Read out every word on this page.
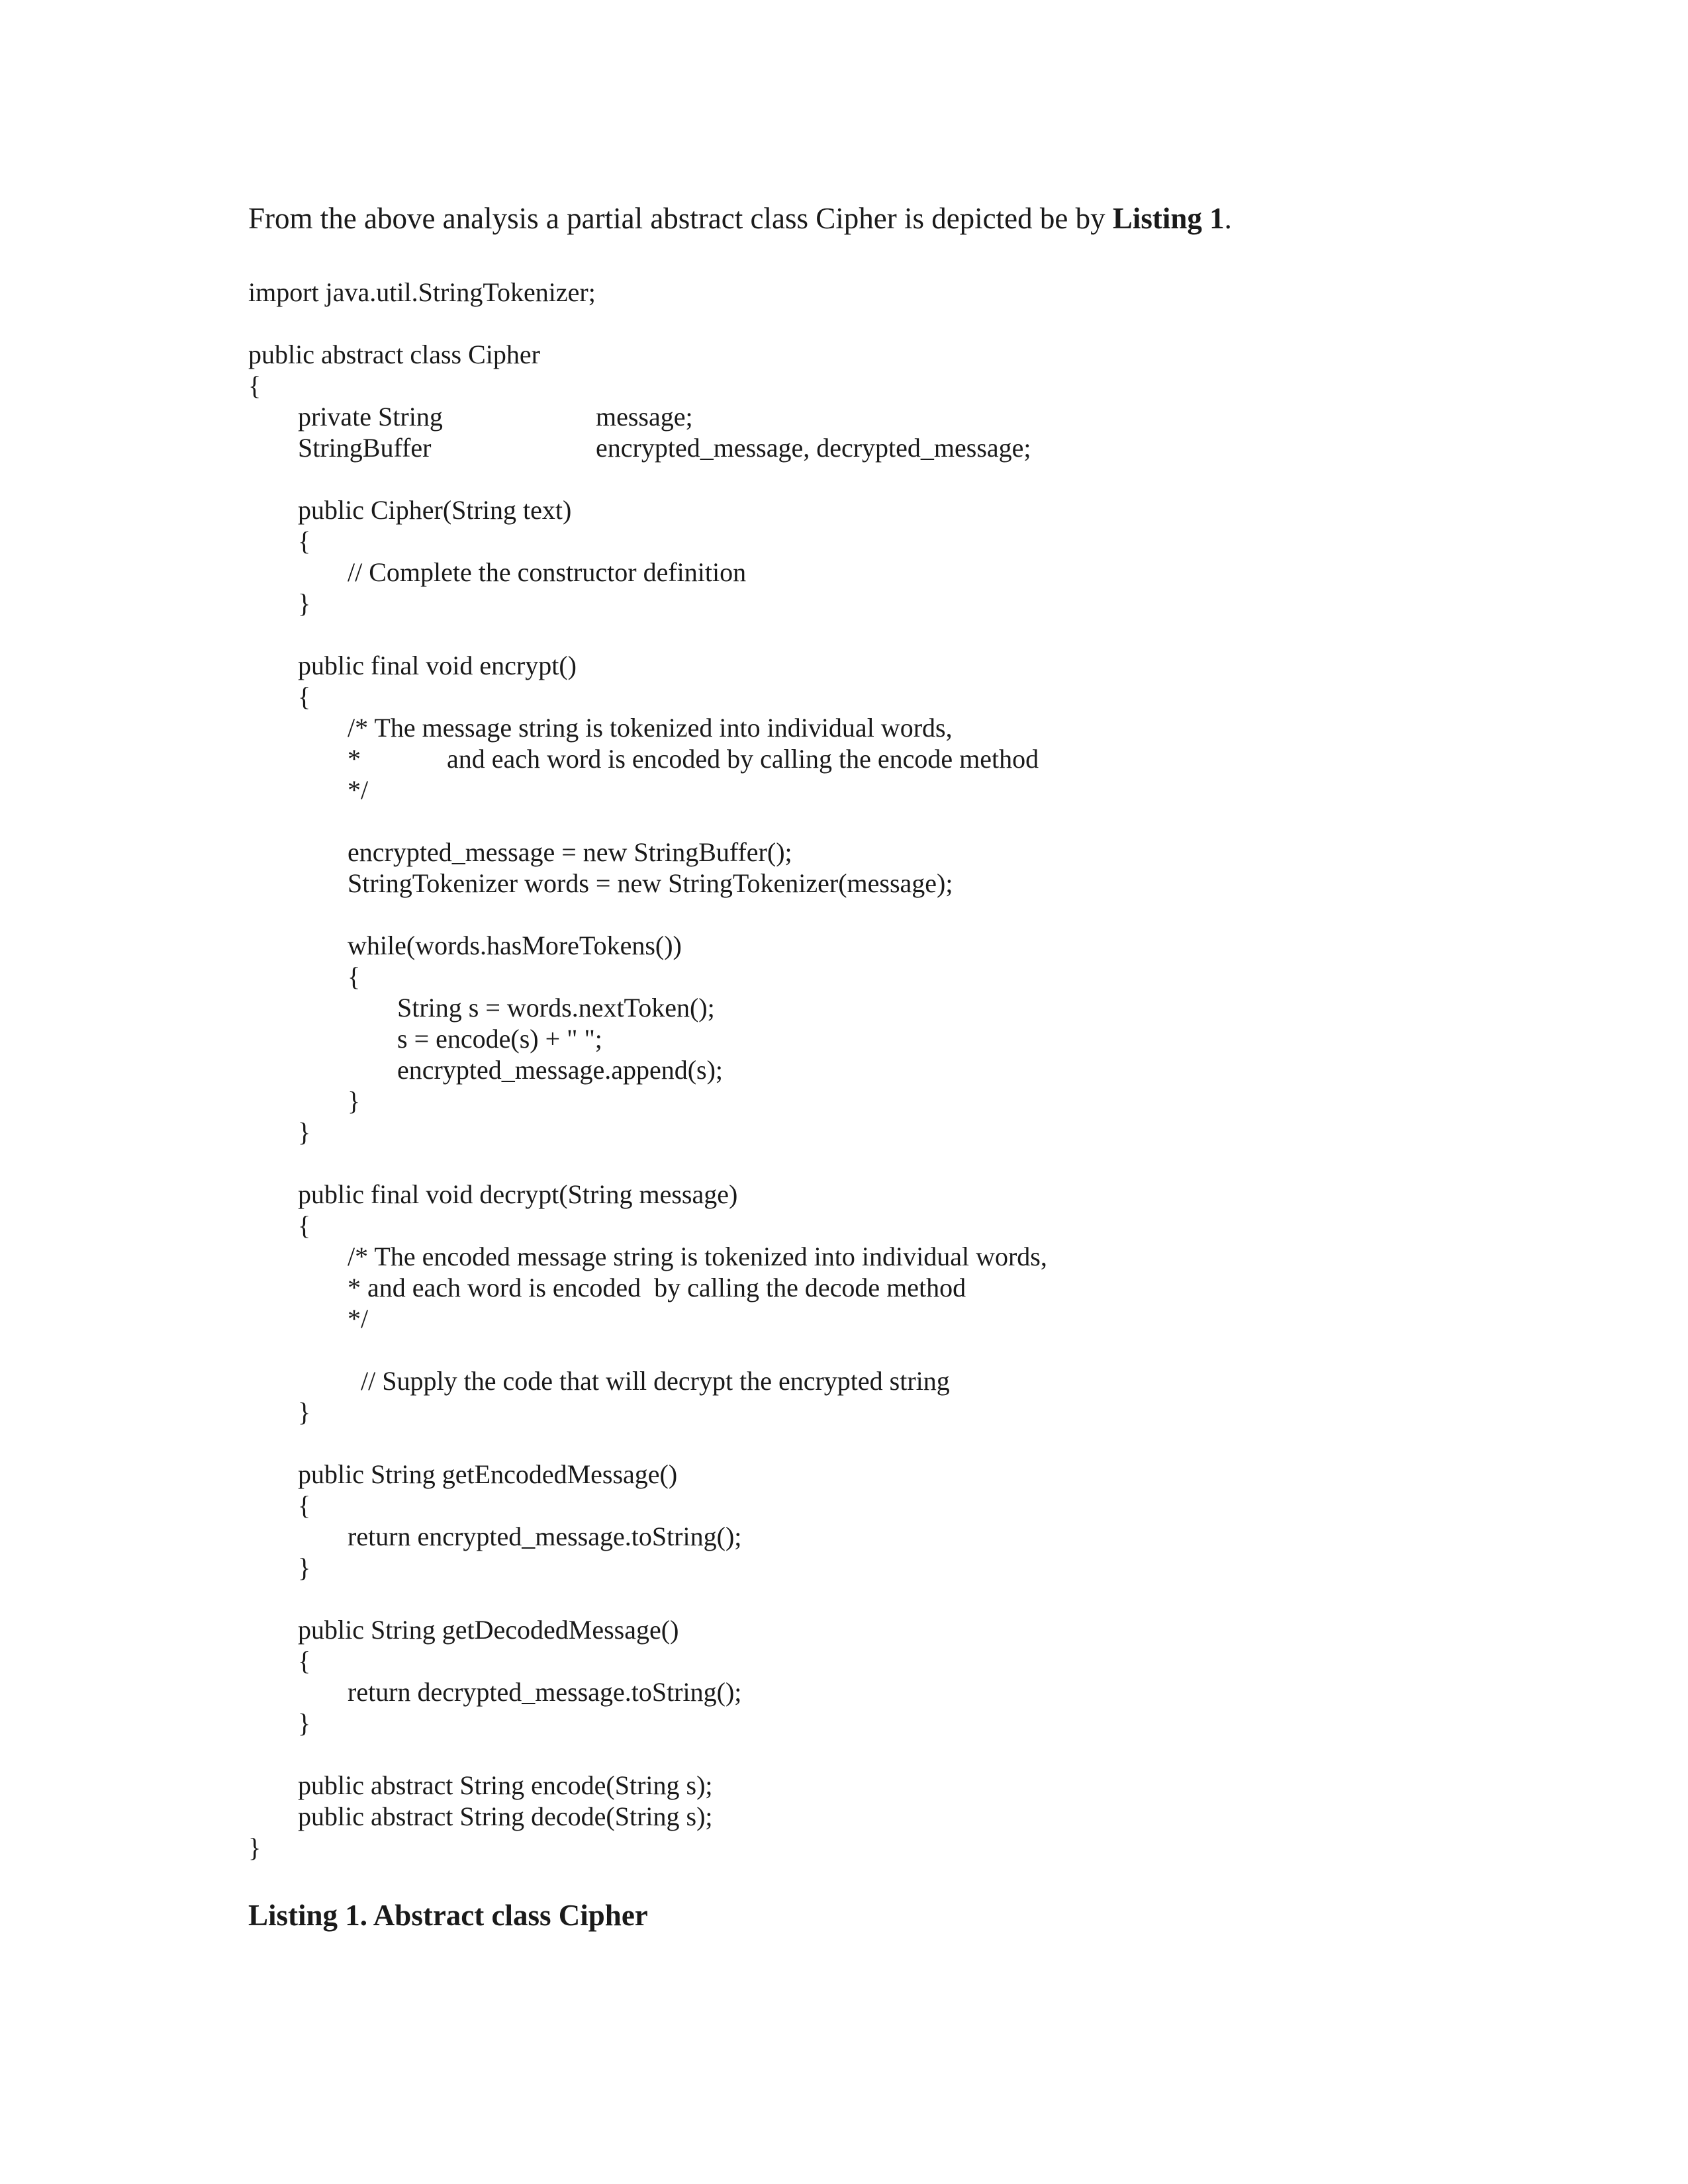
From the above analysis a partial abstract class Cipher is depicted be by Listing 1.
import java.util.StringTokenizer;
public abstract class Cipher
{
private String	message;
StringBuffer	encrypted_message, decrypted_message;
public Cipher(String text)
{
// Complete the constructor definition
}
public final void encrypt()
{
/* The message string is tokenized into individual words,
*	and each word is encoded by calling the encode method
*/
encrypted_message = new StringBuffer();
StringTokenizer words = new StringTokenizer(message);
while(words.hasMoreTokens())
{
String s = words.nextToken();
s = encode(s) + " ";
encrypted_message.append(s);
}
}
public final void decrypt(String message)
{
/* The encoded message string is tokenized into individual words,
* and each word is encoded  by calling the decode method
*/
// Supply the code that will decrypt the encrypted string
}
public String getEncodedMessage()
{
return encrypted_message.toString();
}
public String getDecodedMessage()
{
return decrypted_message.toString();
}
public abstract String encode(String s);
public abstract String decode(String s);
}
Listing 1. Abstract class Cipher
